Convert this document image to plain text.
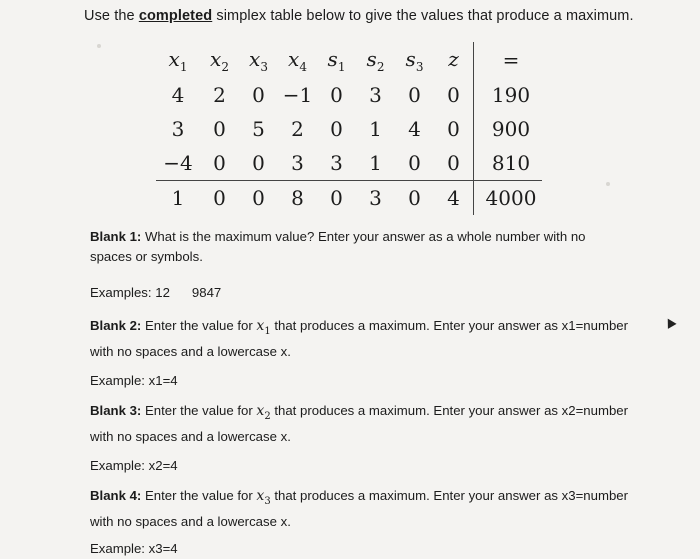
Use the completed simplex table below to give the values that produce a maximum.
$x_1$	$x_2$	$x_3$	$x_4$	$s_1$	$s_2$	$s_3$	z	=
4	2	0	−1	0	3	0	0	190
3	0	5	2	0	1	4	0	900
−4	0	0	3	3	1	0	0	810
1	0	0	8	0	3	0	4	4000
Blank 1: What is the maximum value? Enter your answer as a whole number with no spaces or symbols.
Examples: 12 9847
Blank 2: Enter the value for $x_1$ that produces a maximum. Enter your answer as x1=number with no spaces and a lowercase x.
Example: x1=4
Blank 3: Enter the value for $x_2$ that produces a maximum. Enter your answer as x2=number with no spaces and a lowercase x.
Example: x2=4
Blank 4: Enter the value for $x_3$ that produces a maximum. Enter your answer as x3=number with no spaces and a lowercase x.
Example: x3=4
